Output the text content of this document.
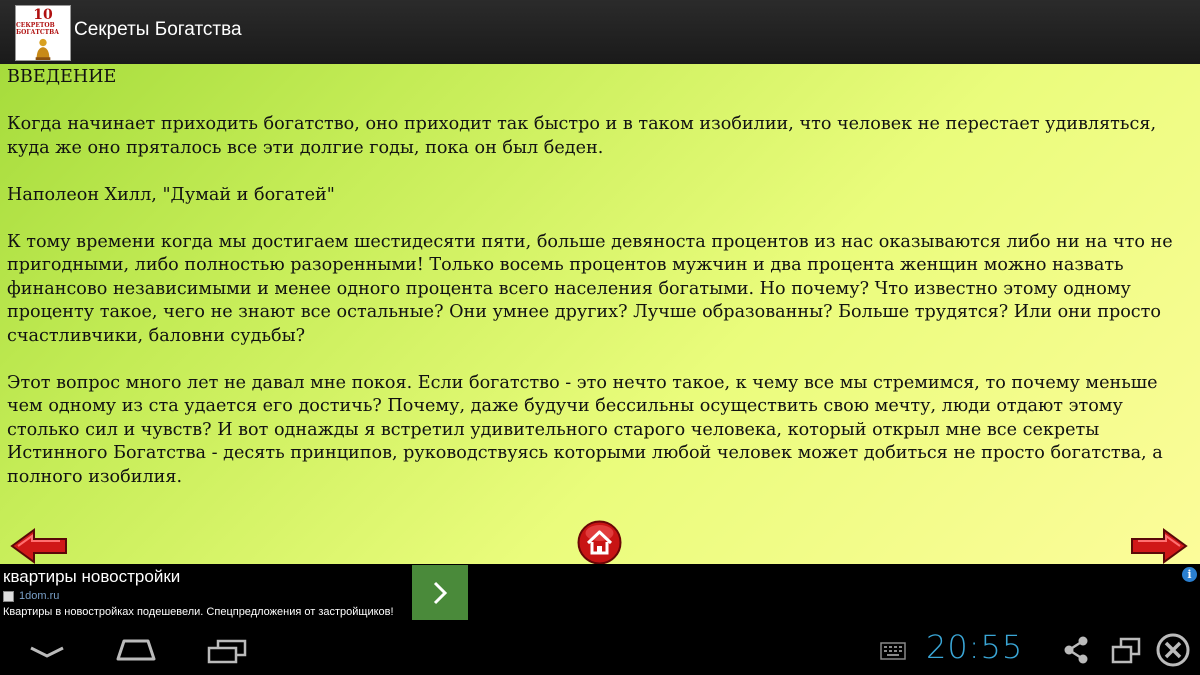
10
СЕКРЕТОВ БОГАТСТВА Секреты Богатства

ВВЕДЕНИЕ

Когда начинает приходить богатство, оно приходит так быстро и в таком изобилии, что человек не перестает удивляться, куда же оно пряталось все эти долгие годы, пока он был беден.

Наполеон Хилл, "Думай и богатей"

К тому времени когда мы достигаем шестидесяти пяти, больше девяноста процентов из нас оказываются либо ни на что не пригодными, либо полностью разоренными! Только восемь процентов мужчин и два процента женщин можно назвать финансово независимыми и менее одного процента всего населения богатыми. Но почему? Что известно этому одному проценту такое, чего не знают все остальные? Они умнее других? Лучше образованны? Больше трудятся? Или они просто счастливчики, баловни судьбы?

Этот вопрос много лет не давал мне покоя. Если богатство - это нечто такое, к чему все мы стремимся, то почему меньше чем одному из ста удается его достичь? Почему, даже будучи бессильны осуществить свою мечту, люди отдают этому столько сил и чувств? И вот однажды я встретил удивительного старого человека, который открыл мне все секреты Истинного Богатства - десять принципов, руководствуясь которыми любой человек может добиться не просто богатства, а полного изобилия.

квартиры новостройки
1dom.ru
Квартиры в новостройках подешевели. Спецпредложения от застройщиков!
i
20:55
